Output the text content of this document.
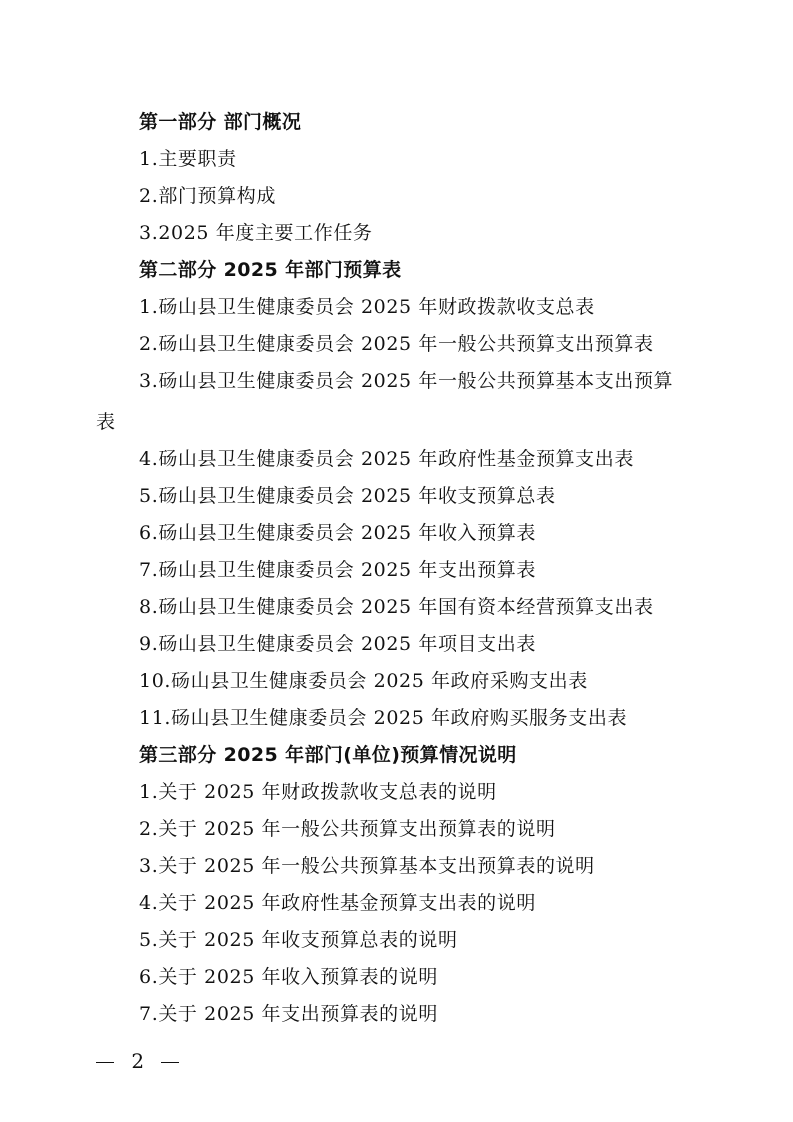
第一部分 部门概况
1.主要职责
2.部门预算构成
3.2025 年度主要工作任务
第二部分 2025 年部门预算表
1.砀山县卫生健康委员会 2025 年财政拨款收支总表
2.砀山县卫生健康委员会 2025 年一般公共预算支出预算表
3.砀山县卫生健康委员会 2025 年一般公共预算基本支出预算表
4.砀山县卫生健康委员会 2025 年政府性基金预算支出表
5.砀山县卫生健康委员会 2025 年收支预算总表
6.砀山县卫生健康委员会 2025 年收入预算表
7.砀山县卫生健康委员会 2025 年支出预算表
8.砀山县卫生健康委员会 2025 年国有资本经营预算支出表
9.砀山县卫生健康委员会 2025 年项目支出表
10.砀山县卫生健康委员会 2025 年政府采购支出表
11.砀山县卫生健康委员会 2025 年政府购买服务支出表
第三部分 2025 年部门(单位)预算情况说明
1.关于 2025 年财政拨款收支总表的说明
2.关于 2025 年一般公共预算支出预算表的说明
3.关于 2025 年一般公共预算基本支出预算表的说明
4.关于 2025 年政府性基金预算支出表的说明
5.关于 2025 年收支预算总表的说明
6.关于 2025 年收入预算表的说明
7.关于 2025 年支出预算表的说明
2
